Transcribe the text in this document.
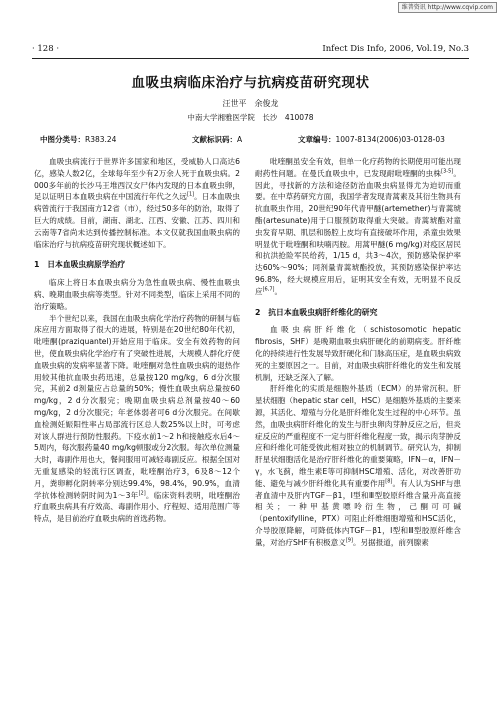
维普资讯 http://www.cqvip.com
· 128 ·	Infect Dis Info, 2006, Vol.19, No.3
血吸虫病临床治疗与抗病疫苗研究现状
汪世平　余俊龙
中南大学湘雅医学院　长沙　410078
中图分类号：R383.24	文献标识码：A	文章编号：1007-8134(2006)03-0128-03

血吸虫病流行于世界许多国家和地区，受威胁人口高达6亿，感染人数2亿，全球每年至少有2万余人死于血吸虫病。2 000多年前的长沙马王堆西汉女尸体内发现的日本血吸虫卵，足以证明日本血吸虫病在中国流行年代之久远[1]。日本血吸虫病曾流行于我国南方12省（市），经过50多年的防治，取得了巨大的成绩。目前，湖南、湖北、江西、安徽、江苏、四川和云南等7省尚未达到传播控制标准。本文仅就我国血吸虫病的临床治疗与抗病疫苗研究现状概述如下。

1　日本血吸虫病原学治疗

临床上将日本血吸虫病分为急性血吸虫病、慢性血吸虫病、晚期血吸虫病等类型。针对不同类型，临床上采用不同的治疗策略。

半个世纪以来，我国在血吸虫病化学治疗药物的研制与临床应用方面取得了很大的进展，特别是在20世纪80年代初，吡喹酮(praziquantel)开始应用于临床。安全有效药物的问世，使血吸虫病化学治疗有了突破性进展，大规模人群化疗使血吸虫病的发病率显著下降。吡喹酮对急性血吸虫病的退热作用较其他抗血吸虫药迅速，总量按120 mg/kg，6 d分次服完，其前2 d剂量应占总量的50%；慢性血吸虫病总量按60 mg/kg，2 d分次服完；晚期血吸虫病总剂量按40～60 mg/kg，2 d分次服完；年老体弱者可6 d分次服完。在间歇血检测妊娠阳性率占局部流行区总人数25%以上时，可考虑对该人群进行预防性服药。下疫水前1～2 h和接触疫水后4～5周内，每次服药量40 mg/kg顿服或分2次服。每次单位测量大时，毒副作用也大，餐间服用可减轻毒副反应。根据全国对无重复感染的轻流行区调查，吡喹酮治疗3，6及8～12个月，粪卵孵化阴转率分别达99.4%，98.4%，90.9%，血清学抗体检测转阴时间为1～3年[2]。临床资料表明，吡喹酮治疗血吸虫病具有疗效高、毒副作用小、疗程短、适用范围广等特点，是目前治疗血吸虫病的首选药物。

吡喹酮虽安全有效，但单一化疗药物的长期使用可能出现耐药性问题。在曼氏血吸虫中，已发现耐吡喹酮的虫株[3-5]。因此，寻找新的方法和途径防治血吸虫病显得尤为迫切而重要。在中草药研究方面，我国学者发现青蒿素及其衍生物具有抗血吸虫作用，20世纪90年代青甲醚(artemether)与青蒿琥酯(artesunate)用于口服预防取得重大突破。青蒿琥酯对童虫发育早期、肌层和肠腔上皮均有直接破坏作用，杀童虫效果明显优于吡喹酮和呋喃丙胺。用蒿甲醚(6 mg/kg)对疫区居民和抗洪抢险军民给药，1/15 d，共3～4次，预防感染保护率达60%～90%；同剂量青蒿琥酯投放，其预防感染保护率达96.8%，经大规模应用后，证明其安全有效，无明显不良反应[6,7]。

2　抗日本血吸虫病肝纤维化的研究

血吸虫病肝纤维化（schistosomotic hepatic fibrosis，SHF）是晚期血吸虫病肝硬化的前期病变。肝纤维化的持续进行性发展导致肝硬化和门脉高压症，是血吸虫病致死的主要原因之一。目前，对血吸虫病肝纤维化的发生和发展机制，还缺乏深入了解。

肝纤维化的实质是细胞外基质（ECM）的异常沉积。肝星状细胞（hepatic star cell，HSC）是细胞外基质的主要来源，其活化、增殖与分化是肝纤维化发生过程的中心环节。虽然，血吸虫病肝纤维化的发生与肝虫卵肉芽肿反应之后，但炎症反应的严重程度不一定与肝纤维化程度一致，揭示肉芽肿反应和纤维化可能受彼此相对独立的机制调节。研究认为，抑制肝星状细胞活化是治疗肝纤维化的重要策略，IFN－α，IFN－γ，水飞蓟，维生素E等可抑制HSC增殖、活化，对改善肝功能、避免与减少肝纤维化具有重要作用[8]。有人认为SHF与患者血清中及肝内TGF－β1，Ⅰ型和Ⅲ型胶原纤维含量升高直接相关；一种甲基黄嘌呤衍生物，己酮可可碱（pentoxifylline，PTX）可阻止纤维细胞增殖和HSC活化，介导胶原降解，可降低体内TGF－β1，Ⅰ型和Ⅲ型胶原纤维含量，对治疗SHF有积极意义[9]。另据报道，前列腺素
